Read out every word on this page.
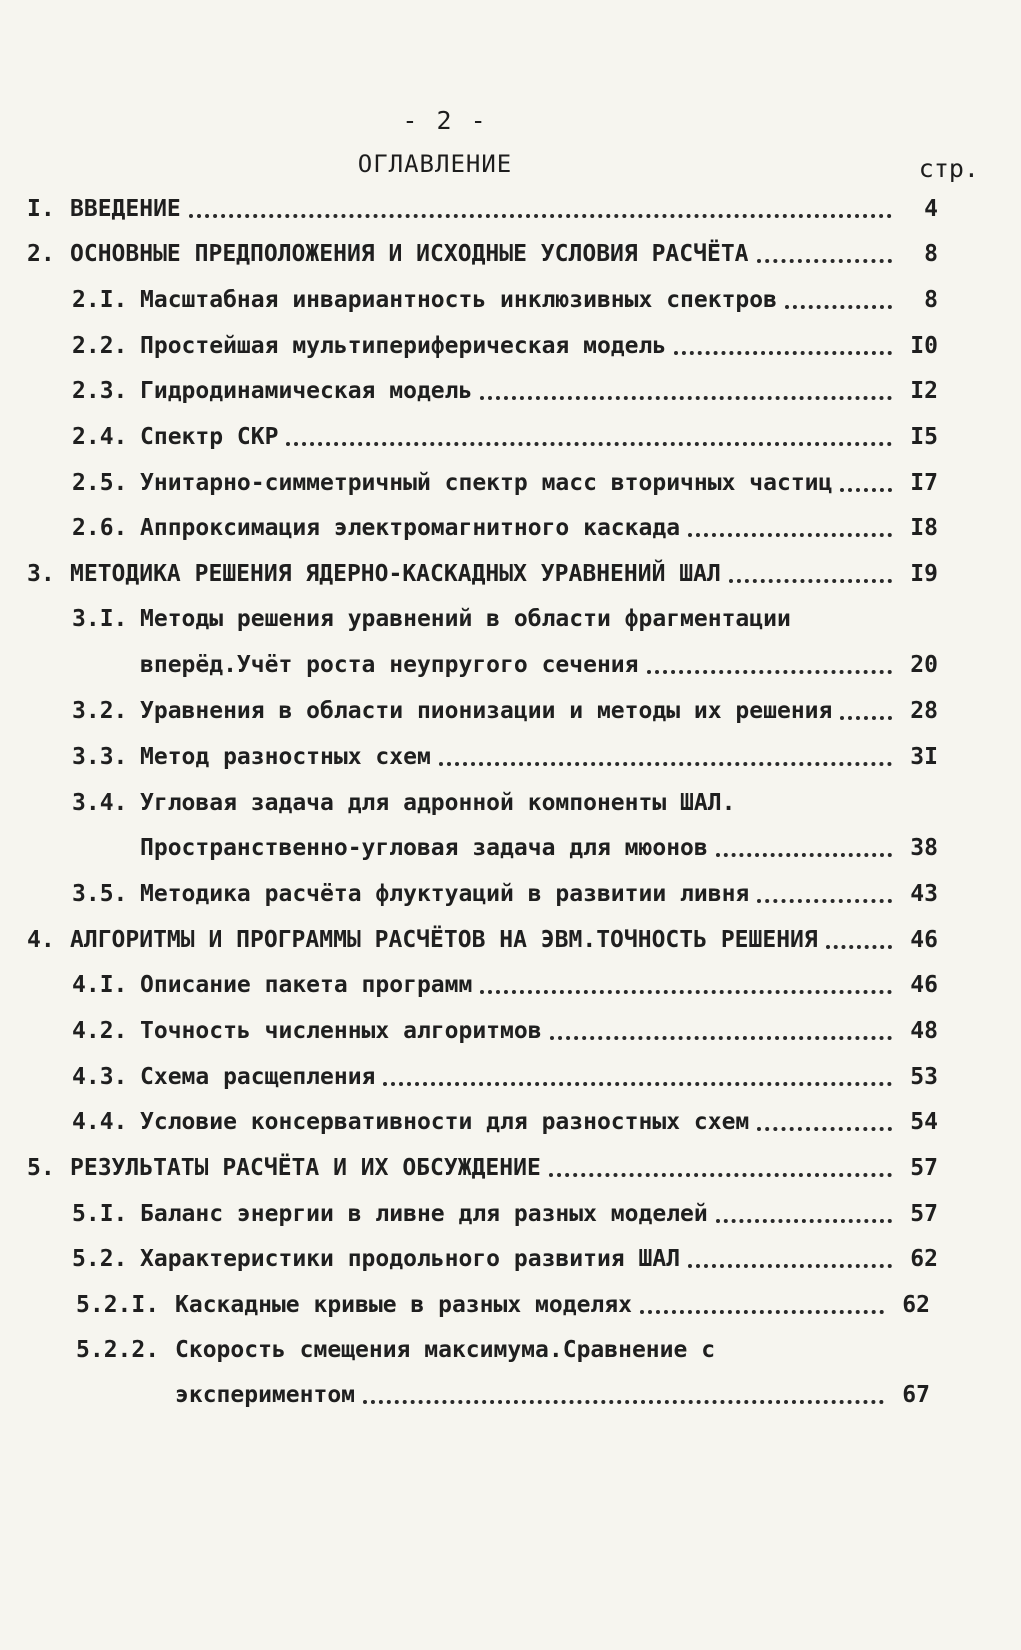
- 2 -
ОГЛАВЛЕНИЕ	стр.
I. ВВЕДЕНИЕ	4
2. ОСНОВНЫЕ ПРЕДПОЛОЖЕНИЯ И ИСХОДНЫЕ УСЛОВИЯ РАСЧЁТА	8
2.I. Масштабная инвариантность инклюзивных спектров	8
2.2. Простейшая мультипериферическая модель	I0
2.3. Гидродинамическая модель	I2
2.4. Спектр СКР	I5
2.5. Унитарно-симметричный спектр масс вторичных частиц	I7
2.6. Аппроксимация электромагнитного каскада	I8
3. МЕТОДИКА РЕШЕНИЯ ЯДЕРНО-КАСКАДНЫХ УРАВНЕНИЙ ШАЛ	I9
3.I. Методы решения уравнений в области фрагментации
вперёд.Учёт роста неупругого сечения	20
3.2. Уравнения в области пионизации и методы их решения	28
3.3. Метод разностных схем	3I
3.4. Угловая задача для адронной компоненты ШАЛ.
Пространственно-угловая задача для мюонов	38
3.5. Методика расчёта флуктуаций в развитии ливня	43
4. АЛГОРИТМЫ И ПРОГРАММЫ РАСЧЁТОВ НА ЭВМ.ТОЧНОСТЬ РЕШЕНИЯ	46
4.I. Описание пакета программ	46
4.2. Точность численных алгоритмов	48
4.3. Схема расщепления	53
4.4. Условие консервативности для разностных схем	54
5. РЕЗУЛЬТАТЫ РАСЧЁТА И ИХ ОБСУЖДЕНИЕ	57
5.I. Баланс энергии в ливне для разных моделей	57
5.2. Характеристики продольного развития ШАЛ	62
5.2.I. Каскадные кривые в разных моделях	62
5.2.2. Скорость смещения максимума.Сравнение с
экспериментом	67
